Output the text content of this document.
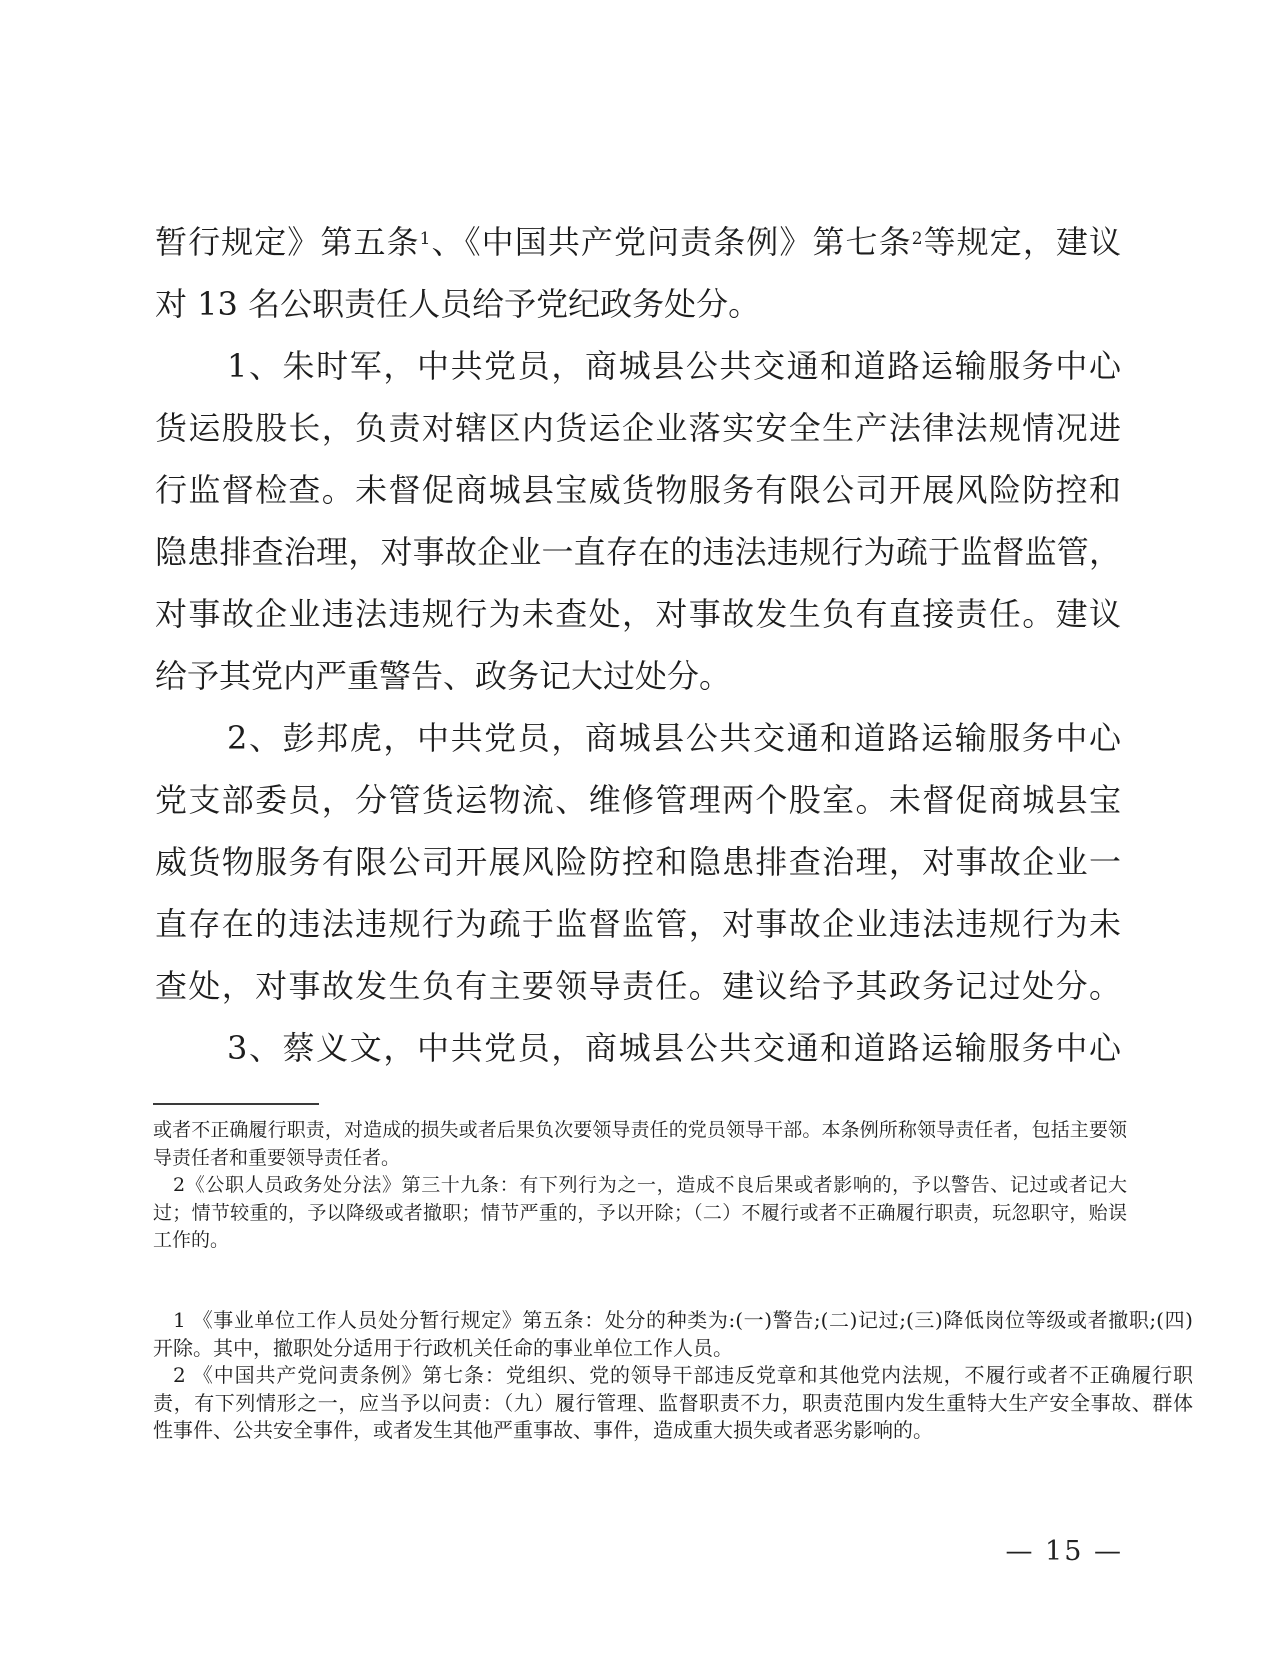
暂行规定》第五条$^1$、《中国共产党问责条例》第七条$^2$等规定，建议
对 13 名公职责任人员给予党纪政务处分。
1、朱时军，中共党员，商城县公共交通和道路运输服务中心
货运股股长，负责对辖区内货运企业落实安全生产法律法规情况进
行监督检查。未督促商城县宝威货物服务有限公司开展风险防控和
隐患排查治理，对事故企业一直存在的违法违规行为疏于监督监管，
对事故企业违法违规行为未查处，对事故发生负有直接责任。建议
给予其党内严重警告、政务记大过处分。
2、彭邦虎，中共党员，商城县公共交通和道路运输服务中心
党支部委员，分管货运物流、维修管理两个股室。未督促商城县宝
威货物服务有限公司开展风险防控和隐患排查治理，对事故企业一
直存在的违法违规行为疏于监督监管，对事故企业违法违规行为未
查处，对事故发生负有主要领导责任。建议给予其政务记过处分。
3、蔡义文，中共党员，商城县公共交通和道路运输服务中心
或者不正确履行职责，对造成的损失或者后果负次要领导责任的党员领导干部。本条例所称领导责任者，包括主要领
导责任者和重要领导责任者。
2《公职人员政务处分法》第三十九条：有下列行为之一，造成不良后果或者影响的，予以警告、记过或者记大
过；情节较重的，予以降级或者撤职；情节严重的，予以开除；（二）不履行或者不正确履行职责，玩忽职守，贻误
工作的。
1 《事业单位工作人员处分暂行规定》第五条：处分的种类为:(一)警告;(二)记过;(三)降低岗位等级或者撤职;(四)
开除。其中，撤职处分适用于行政机关任命的事业单位工作人员。
2 《中国共产党问责条例》第七条：党组织、党的领导干部违反党章和其他党内法规，不履行或者不正确履行职
责，有下列情形之一，应当予以问责：（九）履行管理、监督职责不力，职责范围内发生重特大生产安全事故、群体
性事件、公共安全事件，或者发生其他严重事故、事件，造成重大损失或者恶劣影响的。
— 15 —
